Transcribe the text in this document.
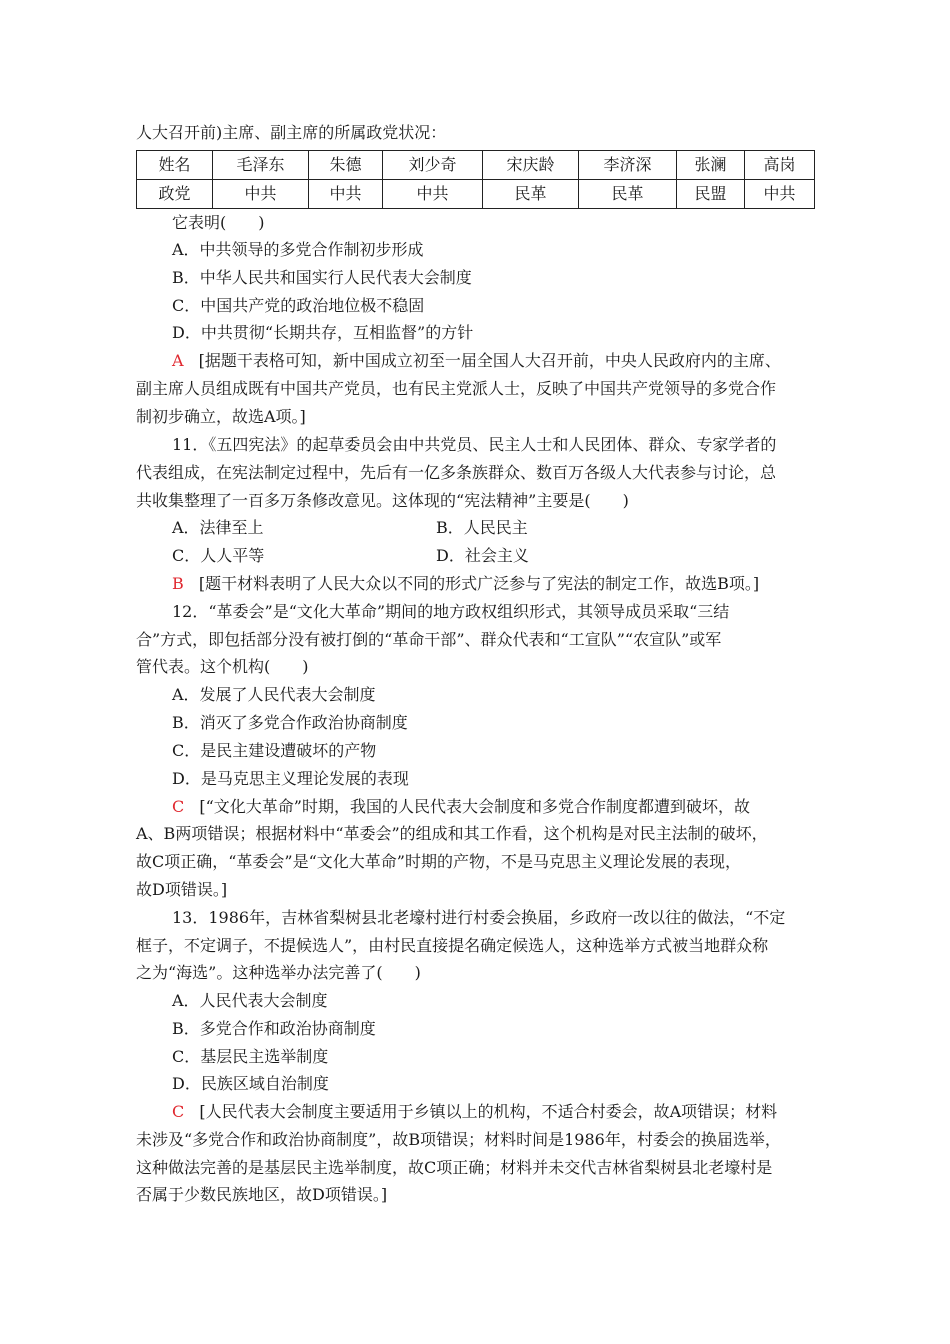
人大召开前)主席、副主席的所属政党状况：
姓名	毛泽东	朱德	刘少奇	宋庆龄	李济深	张澜	高岗
政党	中共	中共	中共	民革	民革	民盟	中共
它表明(　　)
A．中共领导的多党合作制初步形成
B．中华人民共和国实行人民代表大会制度
C．中国共产党的政治地位极不稳固
D．中共贯彻“长期共存，互相监督”的方针
A [据题干表格可知，新中国成立初至一届全国人大召开前，中央人民政府内的主席、
副主席人员组成既有中国共产党员，也有民主党派人士，反映了中国共产党领导的多党合作
制初步确立，故选A项。]
11．《五四宪法》的起草委员会由中共党员、民主人士和人民团体、群众、专家学者的
代表组成，在宪法制定过程中，先后有一亿多条族群众、数百万各级人大代表参与讨论，总
共收集整理了一百多万条修改意见。这体现的“宪法精神”主要是(　　)
A．法律至上	B．人民民主
C．人人平等	D．社会主义
B [题干材料表明了人民大众以不同的形式广泛参与了宪法的制定工作，故选B项。]
12．“革委会”是“文化大革命”期间的地方政权组织形式，其领导成员采取“三结
合”方式，即包括部分没有被打倒的“革命干部”、群众代表和“工宣队”“农宣队”或军
管代表。这个机构(　　)
A．发展了人民代表大会制度
B．消灭了多党合作政治协商制度
C．是民主建设遭破坏的产物
D．是马克思主义理论发展的表现
C [“文化大革命”时期，我国的人民代表大会制度和多党合作制度都遭到破坏，故
A、B两项错误；根据材料中“革委会”的组成和其工作看，这个机构是对民主法制的破坏，
故C项正确，“革委会”是“文化大革命”时期的产物，不是马克思主义理论发展的表现，
故D项错误。]
13．1986年，吉林省梨树县北老壕村进行村委会换届，乡政府一改以往的做法，“不定
框子，不定调子，不提候选人”，由村民直接提名确定候选人，这种选举方式被当地群众称
之为“海选”。这种选举办法完善了(　　)
A．人民代表大会制度
B．多党合作和政治协商制度
C．基层民主选举制度
D．民族区域自治制度
C [人民代表大会制度主要适用于乡镇以上的机构，不适合村委会，故A项错误；材料
未涉及“多党合作和政治协商制度”，故B项错误；材料时间是1986年，村委会的换届选举，
这种做法完善的是基层民主选举制度，故C项正确；材料并未交代吉林省梨树县北老壕村是
否属于少数民族地区，故D项错误。]
